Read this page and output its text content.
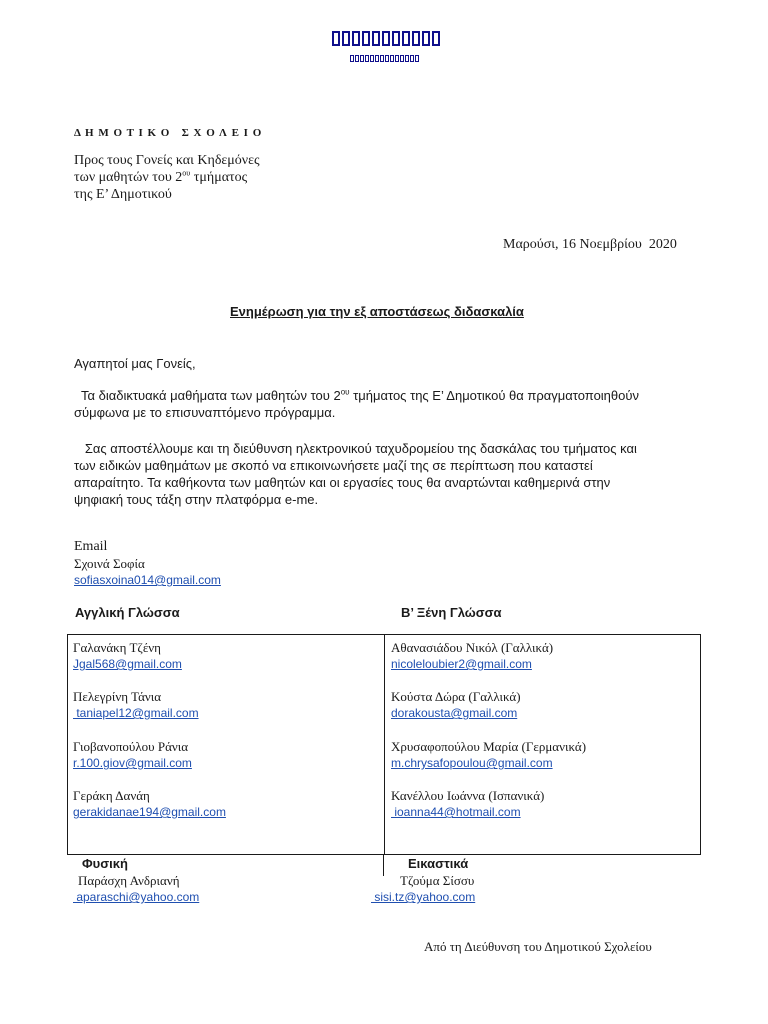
Δ Η Μ Ο Τ Ι Κ Ο   Σ Χ Ο Λ Ε Ι Ο
Προς τους Γονείς και Κηδεμόνες
των μαθητών του $2^{o\upsilon}$ τμήματος
της Ε’ Δημοτικού
Μαρούσι, 16 Νοεμβρίου  2020
Ενημέρωση για την εξ αποστάσεως διδασκαλία
Αγαπητοί μας Γονείς,
Τα διαδικτυακά μαθήματα των μαθητών του $2^{o\upsilon}$ τμήματος της Ε’ Δημοτικού θα πραγματοποιηθούν
σύμφωνα με το επισυναπτόμενο πρόγραμμα.
Σας αποστέλλουμε και τη διεύθυνση ηλεκτρονικού ταχυδρομείου της δασκάλας του τμήματος και
των ειδικών μαθημάτων με σκοπό να επικοινωνήσετε μαζί της σε περίπτωση που καταστεί
απαραίτητο. Τα καθήκοντα των μαθητών και οι εργασίες τους θα αναρτώνται καθημερινά στην
ψηφιακή τους τάξη στην πλατφόρμα e-me.
Email
Σχοινά Σοφία
sofiasxoina014@gmail.com
Αγγλική Γλώσσα	Β’ Ξένη Γλώσσα
Γαλανάκη Τζένη
Jgal568@gmail.com
Πελεγρίνη Τάνια
taniapel12@gmail.com
Γιοβανοπούλου Ράνια
r.100.giov@gmail.com
Γεράκη Δανάη
gerakidanae194@gmail.com
Αθανασιάδου Νικόλ (Γαλλικά)
nicoleloubier2@gmail.com
Κούστα Δώρα (Γαλλικά)
dorakousta@gmail.com
Χρυσαφοπούλου Μαρία (Γερμανικά)
m.chrysafopoulou@gmail.com
Κανέλλου Ιωάννα (Ισπανικά)
ioanna44@hotmail.com
Φυσική	Εικαστικά
Παράσχη Ανδριανή
aparaschi@yahoo.com
Τζούμα Σίσσυ
sisi.tz@yahoo.com
Από τη Διεύθυνση του Δημοτικού Σχολείου
